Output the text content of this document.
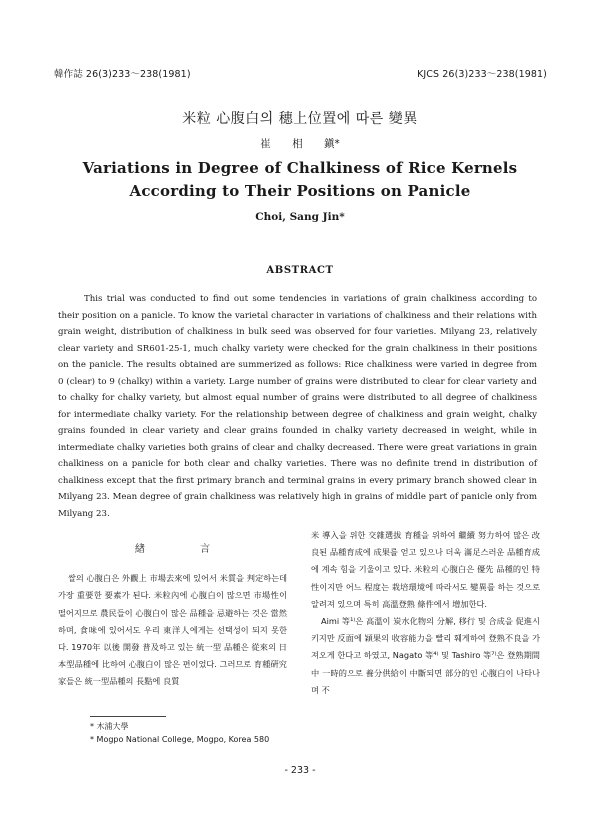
韓作誌 26(3)233～238(1981)	KJCS 26(3)233～238(1981)
米粒 心腹白의 穗上位置에 따른 變異
崔 相 鎭*
Variations in Degree of Chalkiness of Rice Kernels
According to Their Positions on Panicle
Choi, Sang Jin*
ABSTRACT

This trial was conducted to find out some tendencies in variations of grain chalkiness according to their position on a panicle. To know the varietal character in variations of chalkiness and their relations with grain weight, distribution of chalkiness in bulk seed was observed for four varieties. Milyang 23, relatively clear variety and SR601-25-1, much chalky variety were checked for the grain chalkiness in their positions on the panicle. The results obtained are summerized as follows: Rice chalkiness were varied in degree from 0 (clear) to 9 (chalky) within a variety. Large number of grains were distributed to clear for clear variety and to chalky for chalky variety, but almost equal number of grains were distributed to all degree of chalkiness for intermediate chalky variety. For the relationship between degree of chalkiness and grain weight, chalky grains founded in clear variety and clear grains founded in chalky variety decreased in weight, while in intermediate chalky varieties both grains of clear and chalky decreased. There were great variations in grain chalkiness on a panicle for both clear and chalky varieties. There was no definite trend in distribution of chalkiness except that the first primary branch and terminal grains in every primary branch showed clear in Milyang 23. Mean degree of grain chalkiness was relatively high in grains of middle part of panicle only from Milyang 23.

緖 言

쌀의 心腹白은 外觀上 市場去來에 있어서 米質을 判定하는데 가장 重要한 要素가 된다. 米粒內에 心腹白이 많으면 市場性이 떨어지므로 農民들이 心腹白이 많은 品種을 忌避하는 것은 當然하며, 食味에 있어서도 우리 東洋人에게는 선택성이 되지 못한다. 1970年 以後 開發 普及하고 있는 統一型 品種은 從來의 日本型品種에 比하여 心腹白이 많은 편이었다. 그러므로 育種硏究家들은 統一型品種의 長點에 良質

米 導入을 위한 交雜選拔 育種을 위하여 繼續 努力하여 많은 改良된 品種育成에 成果를 얻고 있으나 더욱 滿足스러운 品種育成에 계속 힘을 기울이고 있다. 米粒의 心腹白은 優先 品種的인 特性이지만 어느 程度는 栽培環境에 따라서도 變異를 하는 것으로 알려져 있으며 특히 高溫登熟 條件에서 增加한다.

Aimi 等¹⁾은 高溫이 炭水化物의 分解, 移行 및 合成을 促進시키지만 反面에 穎果의 收容能力을 빨리 훼게하여 登熟不良을 가져오게 한다고 하였고, Nagato 等⁴⁾ 및 Tashiro 等⁷⁾은 登熟期間中 一時的으로 養分供給이 中斷되면 部分的인 心腹白이 나타나며 不

* 木浦大學
* Mogpo National College, Mogpo, Korea 580
- 233 -
